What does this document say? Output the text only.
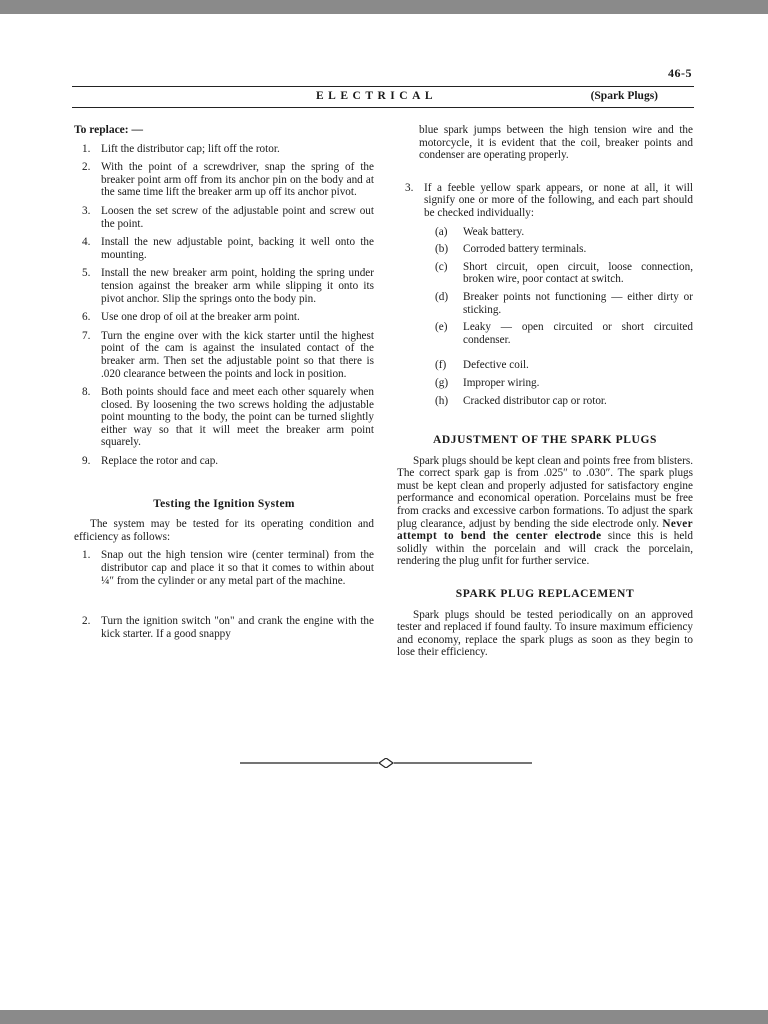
46-5
ELECTRICAL	(Spark Plugs)

To replace: —

1. Lift the distributor cap; lift off the rotor.
2. With the point of a screwdriver, snap the spring of the breaker point arm off from its anchor pin on the body and at the same time lift the breaker arm up off its anchor pivot.
3. Loosen the set screw of the adjustable point and screw out the point.
4. Install the new adjustable point, backing it well onto the mounting.
5. Install the new breaker arm point, holding the spring under tension against the breaker arm while slipping it onto its pivot anchor. Slip the springs onto the body pin.
6. Use one drop of oil at the breaker arm point.
7. Turn the engine over with the kick starter until the highest point of the cam is against the insulated contact of the breaker arm. Then set the adjustable point so that there is .020 clearance between the points and lock in position.
8. Both points should face and meet each other squarely when closed. By loosening the two screws holding the adjustable point mounting to the body, the point can be turned slightly either way so that it will meet the breaker arm point squarely.
9. Replace the rotor and cap.

Testing the Ignition System

The system may be tested for its operating condition and efficiency as follows:

1. Snap out the high tension wire (center terminal) from the distributor cap and place it so that it comes to within about ¼″ from the cylinder or any metal part of the machine.
2. Turn the ignition switch "on" and crank the engine with the kick starter. If a good snappy

blue spark jumps between the high tension wire and the motorcycle, it is evident that the coil, breaker points and condenser are operating properly.

3. If a feeble yellow spark appears, or none at all, it will signify one or more of the following, and each part should be checked individually:
(a)	Weak battery.
(b)	Corroded battery terminals.
(c)	Short circuit, open circuit, loose connection, broken wire, poor contact at switch.
(d)	Breaker points not functioning — either dirty or sticking.
(e)	Leaky — open circuited or short circuited condenser.
(f)	Defective coil.
(g)	Improper wiring.
(h)	Cracked distributor cap or rotor.

ADJUSTMENT OF THE SPARK PLUGS

Spark plugs should be kept clean and points free from blisters. The correct spark gap is from .025″ to .030″. The spark plugs must be kept clean and properly adjusted for satisfactory engine performance and economical operation. Porcelains must be free from cracks and excessive carbon formations. To adjust the spark plug clearance, adjust by bending the side electrode only. Never attempt to bend the center electrode since this is held solidly within the porcelain and will crack the porcelain, rendering the plug unfit for further service.

SPARK PLUG REPLACEMENT

Spark plugs should be tested periodically on an approved tester and replaced if found faulty. To insure maximum efficiency and economy, replace the spark plugs as soon as they begin to lose their efficiency.
